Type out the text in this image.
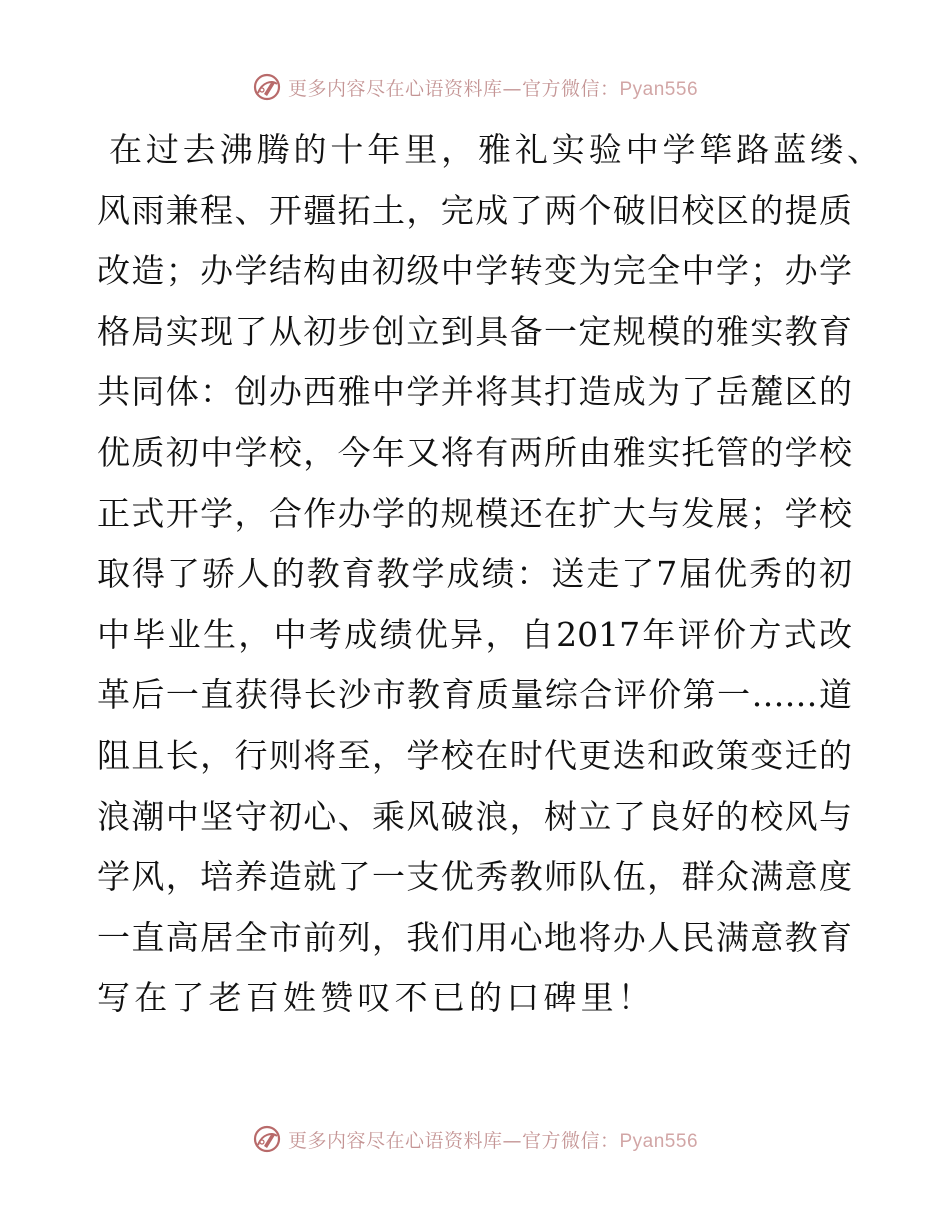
更多内容尽在心语资料库—官方微信：Pyan556
在过去沸腾的十年里，雅礼实验中学筚路蓝缕、
风雨兼程、开疆拓土，完成了两个破旧校区的提质
改造；办学结构由初级中学转变为完全中学；办学
格局实现了从初步创立到具备一定规模的雅实教育
共同体：创办西雅中学并将其打造成为了岳麓区的
优质初中学校，今年又将有两所由雅实托管的学校
正式开学，合作办学的规模还在扩大与发展；学校
取得了骄人的教育教学成绩：送走了7届优秀的初
中毕业生，中考成绩优异，自2017年评价方式改
革后一直获得长沙市教育质量综合评价第一……道
阻且长，行则将至，学校在时代更迭和政策变迁的
浪潮中坚守初心、乘风破浪，树立了良好的校风与
学风，培养造就了一支优秀教师队伍，群众满意度
一直高居全市前列，我们用心地将办人民满意教育
写在了老百姓赞叹不已的口碑里！
更多内容尽在心语资料库—官方微信：Pyan556
